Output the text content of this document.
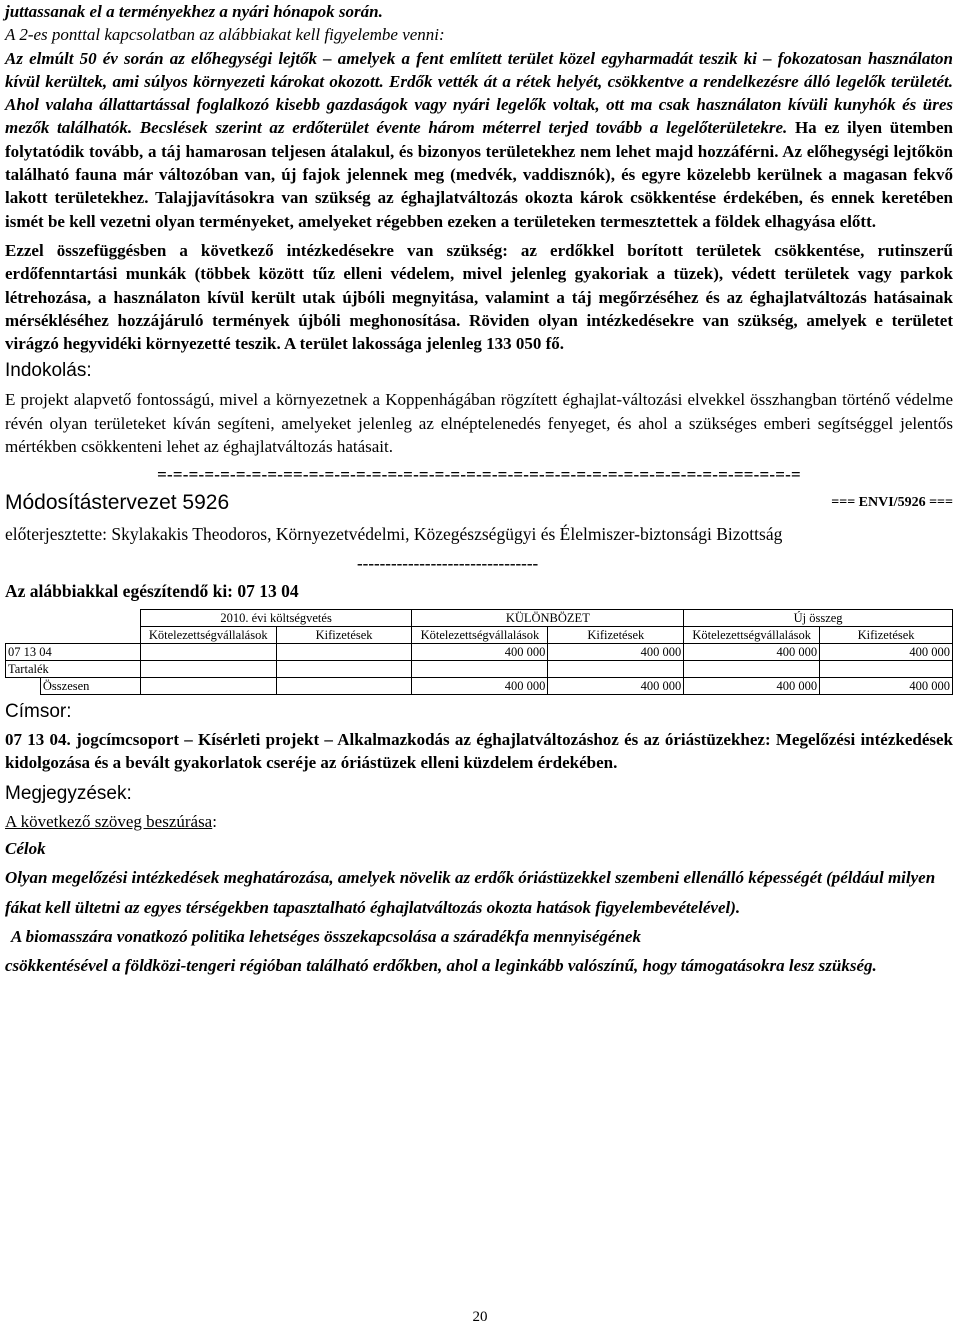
juttassanak el a terményekhez a nyári hónapok során.

A 2-es ponttal kapcsolatban az alábbiakat kell figyelembe venni:

Az elmúlt 50 év során az előhegységi lejtők – amelyek a fent említett terület közel egyharmadát teszik ki – fokozatosan használaton kívül kerültek, ami súlyos környezeti károkat okozott. Erdők vették át a rétek helyét, csökkentve a rendelkezésre álló legelők területét. Ahol valaha állattartással foglalkozó kisebb gazdaságok vagy nyári legelők voltak, ott ma csak használaton kívüli kunyhók és üres mezők találhatók. Becslések szerint az erdőterület évente három méterrel terjed tovább a legelőterületekre. Ha ez ilyen ütemben folytatódik tovább, a táj hamarosan teljesen átalakul, és bizonyos területekhez nem lehet majd hozzáférni. Az előhegységi lejtőkön található fauna már változóban van, új fajok jelennek meg (medvék, vaddisznók), és egyre közelebb kerülnek a magasan fekvő lakott területekhez. Talajjavításokra van szükség az éghajlatváltozás okozta károk csökkentése érdekében, és ennek keretében ismét be kell vezetni olyan terményeket, amelyeket régebben ezeken a területeken termesztettek a földek elhagyása előtt.

Ezzel összefüggésben a következő intézkedésekre van szükség: az erdőkkel borított területek csökkentése, rutinszerű erdőfenntartási munkák (többek között tűz elleni védelem, mivel jelenleg gyakoriak a tüzek), védett területek vagy parkok létrehozása, a használaton kívül került utak újbóli megnyitása, valamint a táj megőrzéséhez és az éghajlatváltozás hatásainak mérsékléséhez hozzájáruló termények újbóli meghonosítása. Röviden olyan intézkedésekre van szükség, amelyek e területet virágzó hegyvidéki környezetté teszik. A terület lakossága jelenleg 133 050 fő.

Indokolás:

E projekt alapvető fontosságú, mivel a környezetnek a Koppenhágában rögzített éghajlat-változási elvekkel összhangban történő védelme révén olyan területeket kíván segíteni, amelyeket jelenleg az elnéptelenedés fenyeget, és ahol a szükséges emberi segítséggel jelentős mértékben csökkenteni lehet az éghajlatváltozás hatásait.

=-=-=-=-=-=-=-=-==-=-=-=-=-=-=-=-=-=-=-=-=-=-=-=-=-=-=-=-=-=-=-=-=-=-=-=-==-=-=-=

Módosítástervezet 5926	=== ENVI/5926 ===

előterjesztette: Skylakakis Theodoros, Környezetvédelmi, Közegészségügyi és Élelmiszer-biztonsági Bizottság

--------------------------------

Az alábbiakkal egészítendő ki: 07 13 04

		2010. évi költségvetés		KÜLÖNBÖZET		Új összeg	
		Kötelezettségvállalások	Kifizetések	Kötelezettségvállalások	Kifizetések	Kötelezettségvállalások	Kifizetések
07 13 04				400 000	400 000	400 000	400 000
Tartalék							
	Összesen			400 000	400 000	400 000	400 000

Címsor:

07 13 04. jogcímcsoport – Kísérleti projekt – Alkalmazkodás az éghajlatváltozáshoz és az óriástüzekhez: Megelőzési intézkedések kidolgozása és a bevált gyakorlatok cseréje az óriástüzek elleni küzdelem érdekében.

Megjegyzések:

A következő szöveg beszúrása:

Célok

Olyan megelőzési intézkedések meghatározása, amelyek növelik az erdők óriástüzekkel szembeni ellenálló képességét (például milyen

fákat kell ültetni az egyes térségekben tapasztalható éghajlatváltozás okozta hatások figyelembevételével).

A biomasszára vonatkozó politika lehetséges összekapcsolása a száradékfa mennyiségének

csökkentésével a földközi-tengeri régióban található erdőkben, ahol a leginkább valószínű, hogy támogatásokra lesz szükség.

20
